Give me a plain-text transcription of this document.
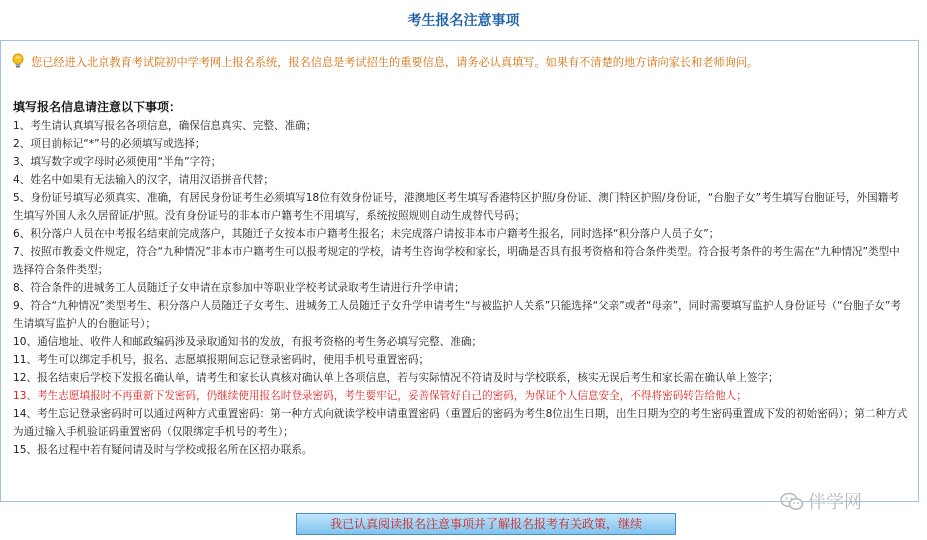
考生报名注意事项
您已经进入北京教育考试院初中学考网上报名系统，报名信息是考试招生的重要信息，请务必认真填写。如果有不清楚的地方请向家长和老师询问。
填写报名信息请注意以下事项：
1、考生请认真填写报名各项信息，确保信息真实、完整、准确；
2、项目前标记“*”号的必须填写或选择；
3、填写数字或字母时必须使用“半角”字符；
4、姓名中如果有无法输入的汉字，请用汉语拼音代替；
5、身份证号填写必须真实、准确，有居民身份证考生必须填写18位有效身份证号，港澳地区考生填写香港特区护照/身份证、澳门特区护照/身份证，“台胞子女”考生填写台胞证号，外国籍考生填写外国人永久居留证/护照。没有身份证号的非本市户籍考生不用填写，系统按照规则自动生成替代号码；
6、积分落户人员在中考报名结束前完成落户，其随迁子女按本市户籍考生报名；未完成落户请按非本市户籍考生报名，同时选择“积分落户人员子女”；
7、按照市教委文件规定，符合“九种情况”非本市户籍考生可以报考规定的学校，请考生咨询学校和家长，明确是否具有报考资格和符合条件类型。符合报考条件的考生需在“九种情况”类型中选择符合条件类型；
8、符合条件的进城务工人员随迁子女申请在京参加中等职业学校考试录取考生请进行升学申请；
9、符合“九种情况”类型考生、积分落户人员随迁子女考生、进城务工人员随迁子女升学申请考生“与被监护人关系”只能选择“父亲”或者“母亲”，同时需要填写监护人身份证号（“台胞子女”考生请填写监护人的台胞证号）；
10、通信地址、收件人和邮政编码涉及录取通知书的发放，有报考资格的考生务必填写完整、准确；
11、考生可以绑定手机号，报名、志愿填报期间忘记登录密码时，使用手机号重置密码；
12、报名结束后学校下发报名确认单，请考生和家长认真核对确认单上各项信息，若与实际情况不符请及时与学校联系，核实无误后考生和家长需在确认单上签字；
13、考生志愿填报时不再重新下发密码，仍继续使用报名时登录密码，考生要牢记，妥善保管好自己的密码，为保证个人信息安全，不得将密码转告给他人；
14、考生忘记登录密码时可以通过两种方式重置密码：第一种方式向就读学校申请重置密码（重置后的密码为考生8位出生日期，出生日期为空的考生密码重置成下发的初始密码）；第二种方式为通过输入手机验证码重置密码（仅限绑定手机号的考生）；
15、报名过程中若有疑问请及时与学校或报名所在区招办联系。
伴学网
我已认真阅读报名注意事项并了解报名报考有关政策，继续
